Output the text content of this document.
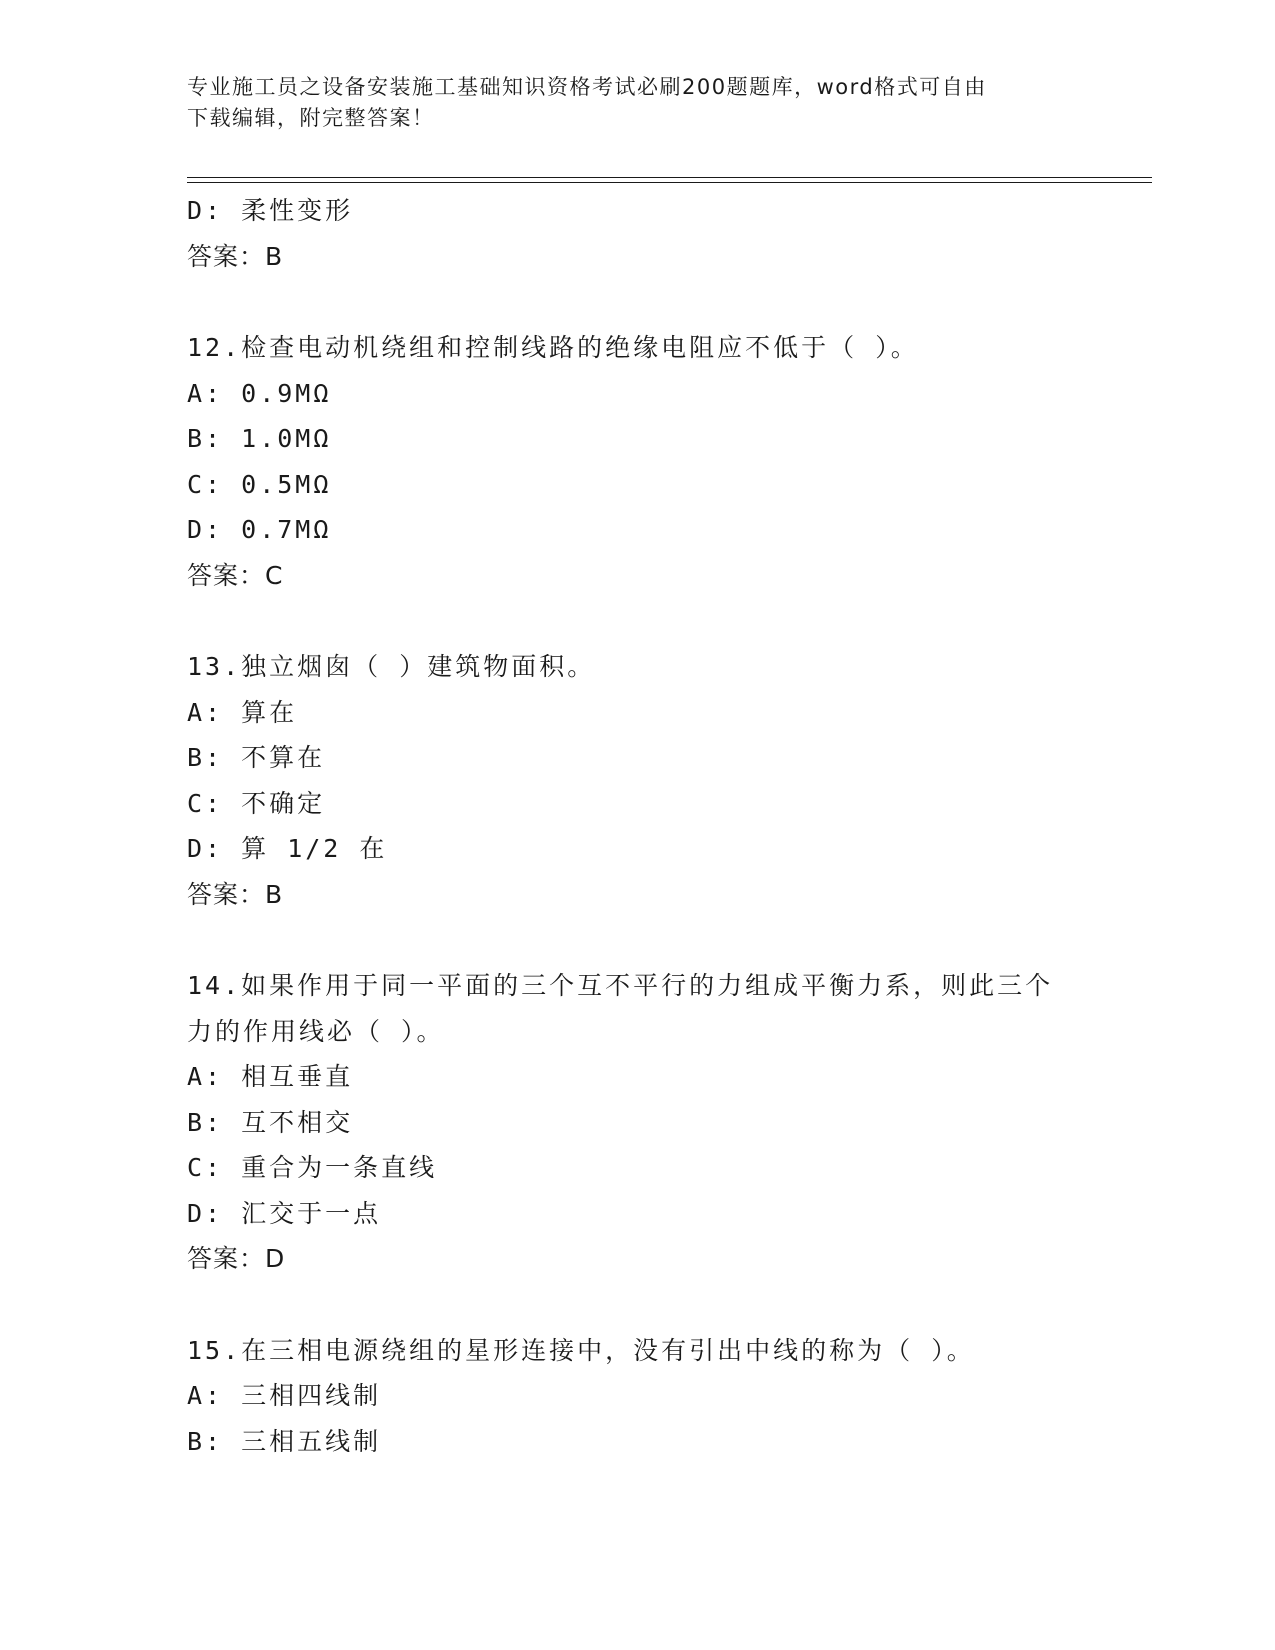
专业施工员之设备安装施工基础知识资格考试必刷200题题库，word格式可自由
下载编辑，附完整答案！
D: 柔性变形
答案：B
12.检查电动机绕组和控制线路的绝缘电阻应不低于（ ）。
A: 0.9MΩ
B: 1.0MΩ
C: 0.5MΩ
D: 0.7MΩ
答案：C
13.独立烟囱（ ）建筑物面积。
A: 算在
B: 不算在
C: 不确定
D: 算 1/2 在
答案：B
14.如果作用于同一平面的三个互不平行的力组成平衡力系，则此三个
力的作用线必（ ）。
A: 相互垂直
B: 互不相交
C: 重合为一条直线
D: 汇交于一点
答案：D
15.在三相电源绕组的星形连接中，没有引出中线的称为（ ）。
A: 三相四线制
B: 三相五线制
